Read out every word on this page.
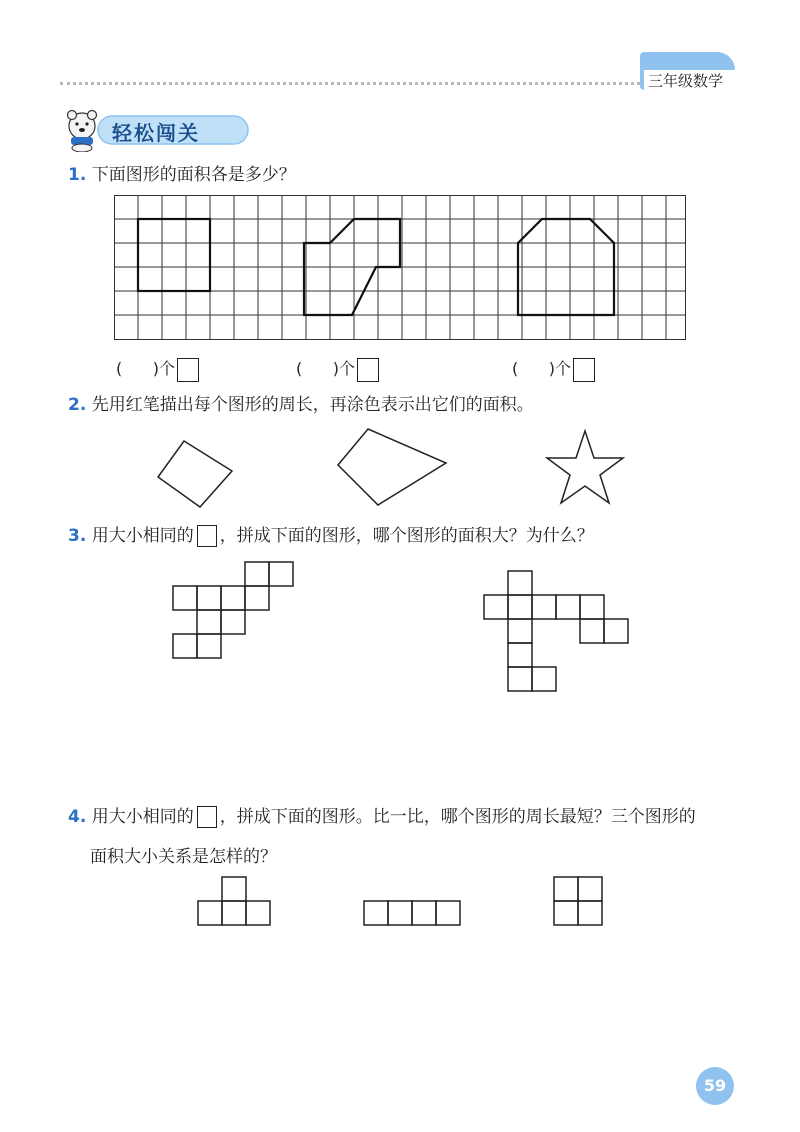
三年级数学
轻松闯关
1. 下面图形的面积各是多少？
( )个	( )个	( )个
2. 先用红笔描出每个图形的周长，再涂色表示出它们的面积。
3. 用大小相同的 ，拼成下面的图形，哪个图形的面积大？为什么？
4. 用大小相同的 ，拼成下面的图形。比一比，哪个图形的周长最短？三个图形的
面积大小关系是怎样的？
59
